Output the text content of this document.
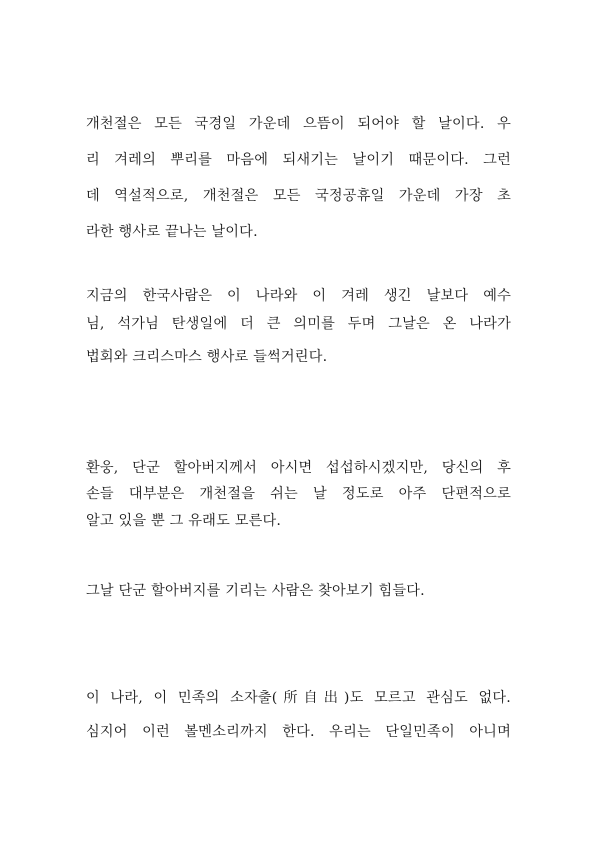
개천절은 모든 국경일 가운데 으뜸이 되어야 할 날이다. 우
리 겨레의 뿌리를 마음에 되새기는 날이기 때문이다. 그런
데 역설적으로, 개천절은 모든 국정공휴일 가운데 가장 초
라한 행사로 끝나는 날이다.
지금의 한국사람은 이 나라와 이 겨레 생긴 날보다 예수
님, 석가님 탄생일에 더 큰 의미를 두며 그날은 온 나라가
법회와 크리스마스 행사로 들썩거린다.
환웅, 단군 할아버지께서 아시면 섭섭하시겠지만, 당신의 후
손들 대부분은 개천절을 쉬는 날 정도로 아주 단편적으로
알고 있을 뿐 그 유래도 모른다.
그날 단군 할아버지를 기리는 사람은 찾아보기 힘들다.
이 나라, 이 민족의 소자출(所自出)도 모르고 관심도 없다.
심지어 이런 볼멘소리까지 한다. 우리는 단일민족이 아니며
